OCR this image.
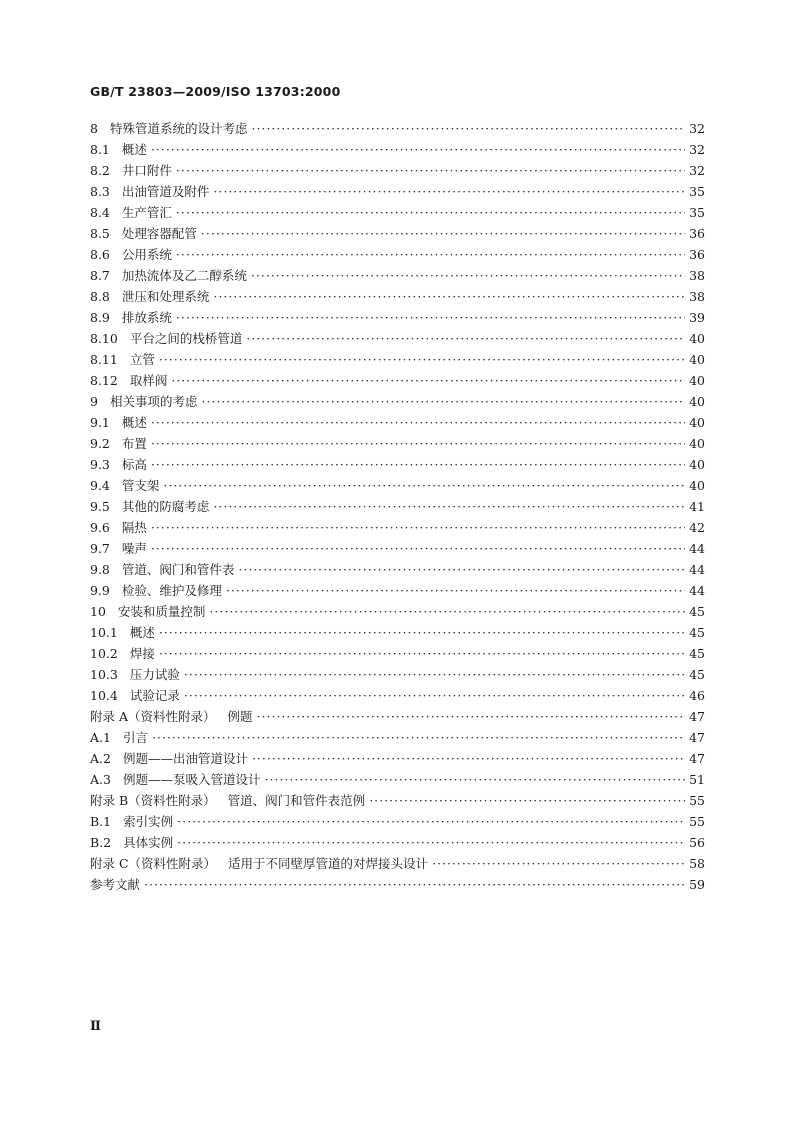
GB/T 23803—2009/ISO 13703:2000
8 特殊管道系统的设计考虑 ·····	32
8.1 概述 ·····	32
8.2 井口附件 ·····	32
8.3 出油管道及附件 ·····	35
8.4 生产管汇 ·····	35
8.5 处理容器配管 ·····	36
8.6 公用系统 ·····	36
8.7 加热流体及乙二醇系统 ·····	38
8.8 泄压和处理系统 ·····	38
8.9 排放系统 ·····	39
8.10 平台之间的栈桥管道 ·····	40
8.11 立管 ·····	40
8.12 取样阀 ·····	40
9 相关事项的考虑 ·····	40
9.1 概述 ·····	40
9.2 布置 ·····	40
9.3 标高 ·····	40
9.4 管支架 ·····	40
9.5 其他的防腐考虑 ·····	41
9.6 隔热 ·····	42
9.7 噪声 ·····	44
9.8 管道、阀门和管件表 ·····	44
9.9 检验、维护及修理 ·····	44
10 安装和质量控制 ·····	45
10.1 概述 ·····	45
10.2 焊接 ·····	45
10.3 压力试验 ·····	45
10.4 试验记录 ·····	46
附录 A（资料性附录） 例题 ·····	47
A.1 引言 ·····	47
A.2 例题——出油管道设计 ·····	47
A.3 例题——泵吸入管道设计 ·····	51
附录 B（资料性附录） 管道、阀门和管件表范例 ·····	55
B.1 索引实例 ·····	55
B.2 具体实例 ·····	56
附录 C（资料性附录） 适用于不同壁厚管道的对焊接头设计 ·····	58
参考文献 ·····	59
Ⅱ
